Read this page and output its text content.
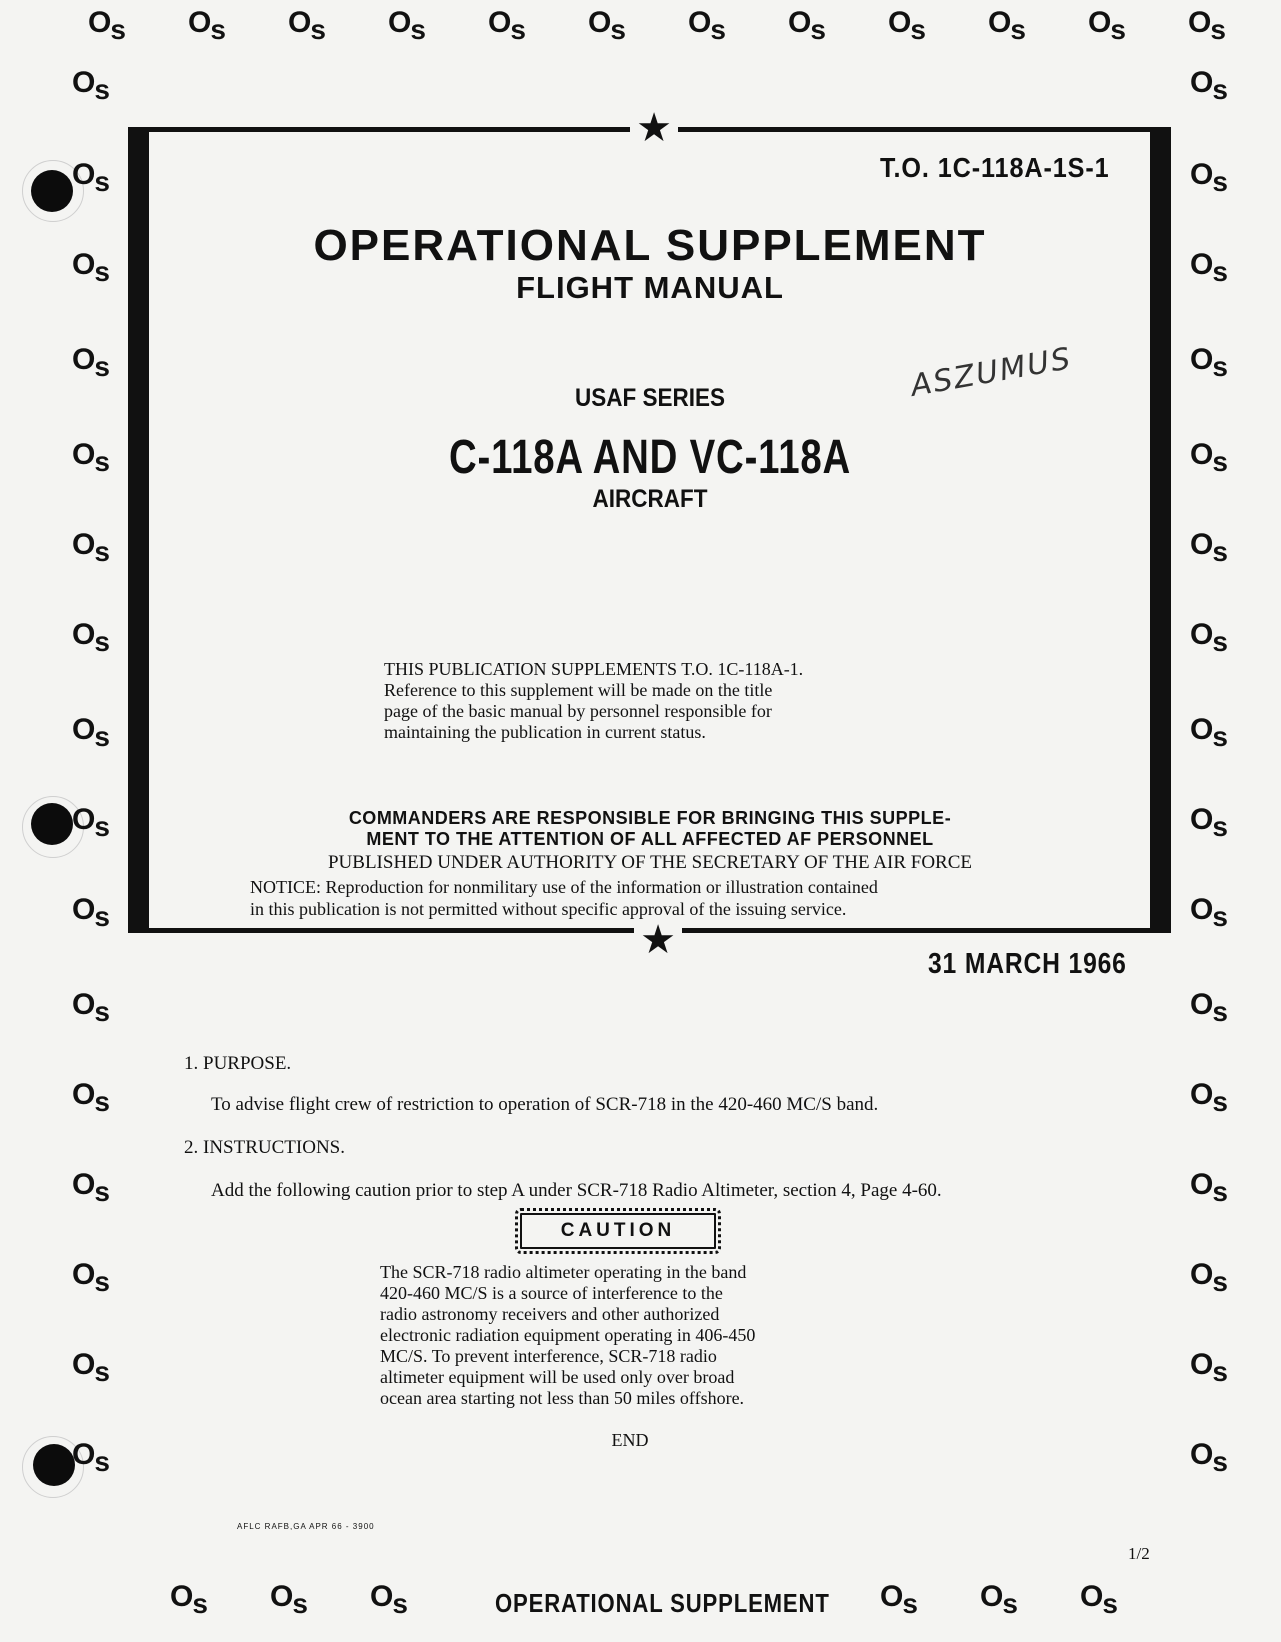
Os Os Os Os Os Os Os Os Os Os Os Os
Os
Os
Os
Os
Os
Os
Os
Os
Os
Os
Os
Os
Os
Os
Os
Os
Os
Os
Os
Os
Os
Os
Os
Os
Os
Os
Os
Os
Os
Os
Os
Os
Os Os Os	Os Os Os
★
★
T.O. 1C-118A-1S-1
OPERATIONAL SUPPLEMENT
FLIGHT MANUAL
ASZUMUS
USAF SERIES
C-118A AND VC-118A
AIRCRAFT
THIS PUBLICATION SUPPLEMENTS T.O. 1C-118A-1.
Reference to this supplement will be made on the title
page of the basic manual by personnel responsible for
maintaining the publication in current status.
COMMANDERS ARE RESPONSIBLE FOR BRINGING THIS SUPPLE-
MENT TO THE ATTENTION OF ALL AFFECTED AF PERSONNEL
PUBLISHED UNDER AUTHORITY OF THE SECRETARY OF THE AIR FORCE
NOTICE: Reproduction for nonmilitary use of the information or illustration contained
in this publication is not permitted without specific approval of the issuing service.
31 MARCH 1966
1. PURPOSE.
To advise flight crew of restriction to operation of SCR-718 in the 420-460 MC/S band.
2. INSTRUCTIONS.
Add the following caution prior to step A under SCR-718 Radio Altimeter, section 4, Page 4-60.
CAUTION
The SCR-718 radio altimeter operating in the band
420-460 MC/S is a source of interference to the
radio astronomy receivers and other authorized
electronic radiation equipment operating in 406-450
MC/S. To prevent interference, SCR-718 radio
altimeter equipment will be used only over broad
ocean area starting not less than 50 miles offshore.
END
AFLC RAFB,GA APR 66 - 3900
1/2
OPERATIONAL SUPPLEMENT
